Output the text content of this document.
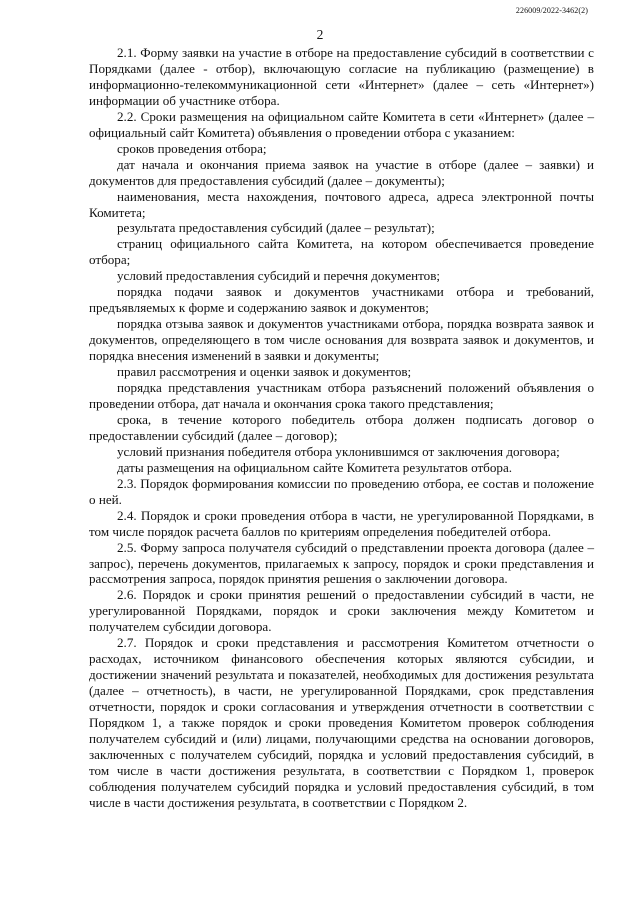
226009/2022-3462(2)
2

2.1. Форму заявки на участие в отборе на предоставление субсидий в соответствии с Порядками (далее - отбор), включающую согласие на публикацию (размещение) в информационно-телекоммуникационной сети «Интернет» (далее – сеть «Интернет») информации об участнике отбора.

2.2. Сроки размещения на официальном сайте Комитета в сети «Интернет» (далее – официальный сайт Комитета) объявления о проведении отбора с указанием:

сроков проведения отбора;

дат начала и окончания приема заявок на участие в отборе (далее – заявки) и документов для предоставления субсидий (далее – документы);

наименования, места нахождения, почтового адреса, адреса электронной почты Комитета;

результата предоставления субсидий (далее – результат);

страниц официального сайта Комитета, на котором обеспечивается проведение отбора;

условий предоставления субсидий и перечня документов;

порядка подачи заявок и документов участниками отбора и требований, предъявляемых к форме и содержанию заявок и документов;

порядка отзыва заявок и документов участниками отбора, порядка возврата заявок и документов, определяющего в том числе основания для возврата заявок и документов, и порядка внесения изменений в заявки и документы;

правил рассмотрения и оценки заявок и документов;

порядка представления участникам отбора разъяснений положений объявления о проведении отбора, дат начала и окончания срока такого представления;

срока, в течение которого победитель отбора должен подписать договор о предоставлении субсидий (далее – договор);

условий признания победителя отбора уклонившимся от заключения договора;

даты размещения на официальном сайте Комитета результатов отбора.

2.3. Порядок формирования комиссии по проведению отбора, ее состав и положение о ней.

2.4. Порядок и сроки проведения отбора в части, не урегулированной Порядками, в том числе порядок расчета баллов по критериям определения победителей отбора.

2.5. Форму запроса получателя субсидий о представлении проекта договора (далее – запрос), перечень документов, прилагаемых к запросу, порядок и сроки представления и рассмотрения запроса, порядок принятия решения о заключении договора.

2.6. Порядок и сроки принятия решений о предоставлении субсидий в части, не урегулированной Порядками, порядок и сроки заключения между Комитетом и получателем субсидии договора.

2.7. Порядок и сроки представления и рассмотрения Комитетом отчетности о расходах, источником финансового обеспечения которых являются субсидии, и достижении значений результата и показателей, необходимых для достижения результата (далее – отчетность), в части, не урегулированной Порядками, срок представления отчетности, порядок и сроки согласования и утверждения отчетности в соответствии с Порядком 1, а также порядок и сроки проведения Комитетом проверок соблюдения получателем субсидий и (или) лицами, получающими средства на основании договоров, заключенных с получателем субсидий, порядка и условий предоставления субсидий, в том числе в части достижения результата, в соответствии с Порядком 1, проверок соблюдения получателем субсидий порядка и условий предоставления субсидий, в том числе в части достижения результата, в соответствии с Порядком 2.
